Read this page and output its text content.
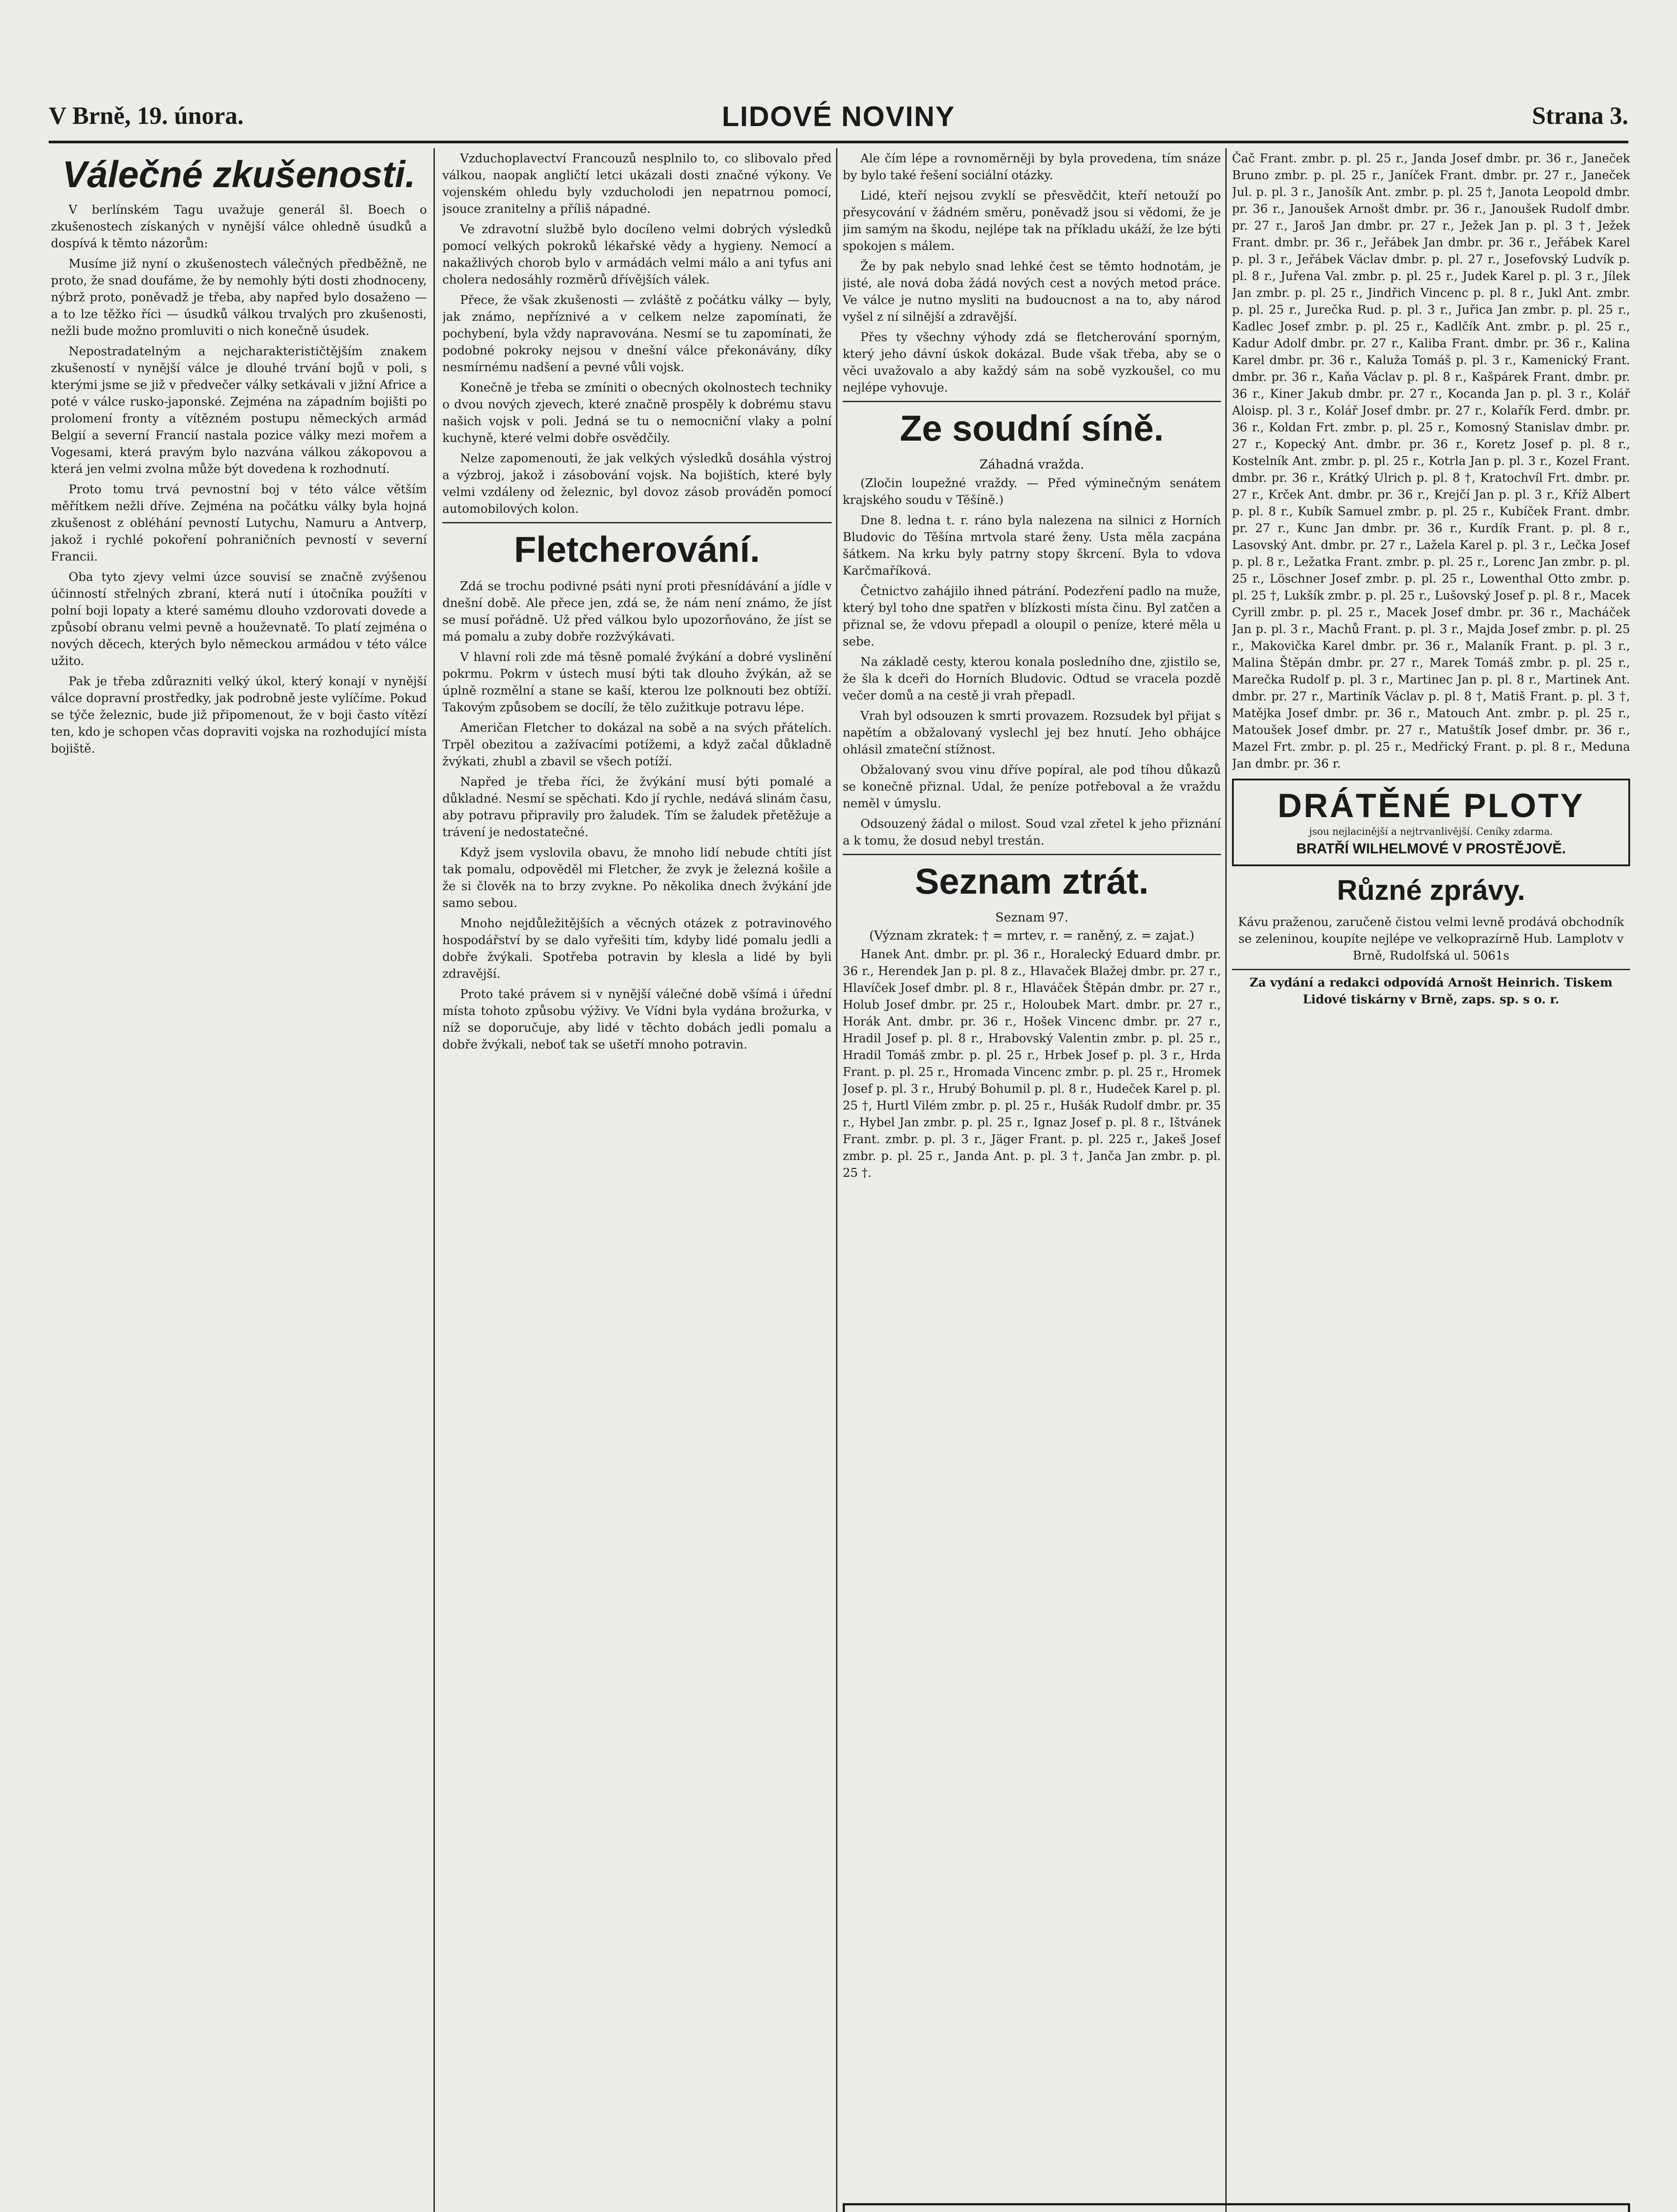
V Brně, 19. února.	LIDOVÉ NOVINY	Strana 3.
Válečné zkušenosti.

V berlínském Tagu uvažuje generál šl. Boech o zkušenostech získaných v nynější válce ohledně úsudků a dospívá k těmto názorům:

Musíme již nyní o zkušenostech válečných předběžně, ne proto, že snad doufáme, že by nemohly býti dosti zhodnoceny, nýbrž proto, poněvadž je třeba, aby napřed bylo dosaženo — a to lze těžko říci — úsudků válkou trvalých pro zkušenosti, nežli bude možno promluviti o nich konečně úsudek.

Nepostradatelným a nejcharakterističtějším znakem zkušeností v nynější válce je dlouhé trvání bojů v poli, s kterými jsme se již v předvečer války setkávali v jižní Africe a poté v válce rusko-japonské. Zejména na západním bojišti po prolomení fronty a vítězném postupu německých armád Belgií a severní Francií nastala pozice války mezi mořem a Vogesami, která pravým bylo nazvána válkou zákopovou a která jen velmi zvolna může být dovedena k rozhodnutí.

Proto tomu trvá pevnostní boj v této válce větším měřítkem nežli dříve. Zejména na počátku války byla hojná zkušenost z obléhání pevností Lutychu, Namuru a Antverp, jakož i rychlé pokoření pohraničních pevností v severní Francii.

Oba tyto zjevy velmi úzce souvisí se značně zvýšenou účinností střelných zbraní, která nutí i útočníka použíti v polní boji lopaty a které samému dlouho vzdorovati dovede a způsobí obranu velmi pevně a houževnatě. To platí zejména o nových děcech, kterých bylo německou armádou v této válce užito.

Pak je třeba zdůrazniti velký úkol, který konají v nynější válce dopravní prostředky, jak podrobně jeste vylíčíme. Pokud se týče železnic, bude již připomenout, že v boji často vítězí ten, kdo je schopen včas dopraviti vojska na rozhodující místa bojiště.

Vzduchoplavectví Francouzů nesplnilo to, co slibovalo před válkou, naopak angličtí letci ukázali dosti značné výkony. Ve vojenském ohledu byly vzducholodi jen nepatrnou pomocí, jsouce zranitelny a příliš nápadné.

Ve zdravotní službě bylo docíleno velmi dobrých výsledků pomocí velkých pokroků lékařské vědy a hygieny. Nemocí a nakažlivých chorob bylo v armádách velmi málo a ani tyfus ani cholera nedosáhly rozměrů dřívějších válek.

Přece, že však zkušenosti — zvláště z počátku války — byly, jak známo, nepříznivé a v celkem nelze zapomínati, že pochybení, byla vždy napravována. Nesmí se tu zapomínati, že podobné pokroky nejsou v dnešní válce překonávány, díky nesmírnému nadšení a pevné vůli vojsk.

Konečně je třeba se zmíniti o obecných okolnostech techniky o dvou nových zjevech, které značně prospěly k dobrému stavu našich vojsk v poli. Jedná se tu o nemocniční vlaky a polní kuchyně, které velmi dobře osvědčily.

Nelze zapomenouti, že jak velkých výsledků dosáhla výstroj a výzbroj, jakož i zásobování vojsk. Na bojištích, které byly velmi vzdáleny od železnic, byl dovoz zásob prováděn pomocí automobilových kolon.

Fletcherování.

Zdá se trochu podivné psáti nyní proti přesnídávání a jídle v dnešní době. Ale přece jen, zdá se, že nám není známo, že jíst se musí pořádně. Už před válkou bylo upozorňováno, že jíst se má pomalu a zuby dobře rozžvýkávati.

V hlavní roli zde má těsně pomalé žvýkání a dobré vyslinění pokrmu. Pokrm v ústech musí býti tak dlouho žvýkán, až se úplně rozmělní a stane se kaší, kterou lze polknouti bez obtíží. Takovým způsobem se docílí, že tělo zužitkuje potravu lépe.

Američan Fletcher to dokázal na sobě a na svých přátelích. Trpěl obezitou a zažívacími potížemi, a když začal důkladně žvýkati, zhubl a zbavil se všech potíží.

Napřed je třeba říci, že žvýkání musí býti pomalé a důkladné. Nesmí se spěchati. Kdo jí rychle, nedává slinám času, aby potravu připravily pro žaludek. Tím se žaludek přetěžuje a trávení je nedostatečné.

Když jsem vyslovila obavu, že mnoho lidí nebude chtíti jíst tak pomalu, odpověděl mi Fletcher, že zvyk je železná košile a že si člověk na to brzy zvykne. Po několika dnech žvýkání jde samo sebou.

Mnoho nejdůležitějších a věcných otázek z potravinového hospodářství by se dalo vyřešiti tím, kdyby lidé pomalu jedli a dobře žvýkali. Spotřeba potravin by klesla a lidé by byli zdravější.

Proto také právem si v nynější válečné době všímá i úřední místa tohoto způsobu výživy. Ve Vídni byla vydána brožurka, v níž se doporučuje, aby lidé v těchto dobách jedli pomalu a dobře žvýkali, neboť tak se ušetří mnoho potravin.

Ale čím lépe a rovnoměrněji by byla provedena, tím snáze by bylo také řešení sociální otázky.

Lidé, kteří nejsou zvyklí se přesvědčit, kteří netouží po přesycování v žádném směru, poněvadž jsou si vědomi, že je jim samým na škodu, nejlépe tak na příkladu ukáží, že lze býti spokojen s málem.

Že by pak nebylo snad lehké čest se těmto hodnotám, je jisté, ale nová doba žádá nových cest a nových metod práce. Ve válce je nutno mysliti na budoucnost a na to, aby národ vyšel z ní silnější a zdravější.

Přes ty všechny výhody zdá se fletcherování sporným, který jeho dávní úskok dokázal. Bude však třeba, aby se o věci uvažovalo a aby každý sám na sobě vyzkoušel, co mu nejlépe vyhovuje.

Ze soudní síně.
Záhadná vražda.

(Zločin loupežné vraždy. — Před výminečným senátem krajského soudu v Těšíně.)

Dne 8. ledna t. r. ráno byla nalezena na silnici z Horních Bludovic do Těšína mrtvola staré ženy. Usta měla zacpána šátkem. Na krku byly patrny stopy škrcení. Byla to vdova Karčmaříková.

Četnictvo zahájilo ihned pátrání. Podezření padlo na muže, který byl toho dne spatřen v blízkosti místa činu. Byl zatčen a přiznal se, že vdovu přepadl a oloupil o peníze, které měla u sebe.

Na základě cesty, kterou konala posledního dne, zjistilo se, že šla k dceři do Horních Bludovic. Odtud se vracela pozdě večer domů a na cestě ji vrah přepadl.

Vrah byl odsouzen k smrti provazem. Rozsudek byl přijat s napětím a obžalovaný vyslechl jej bez hnutí. Jeho obhájce ohlásil zmateční stížnost.

Obžalovaný svou vinu dříve popíral, ale pod tíhou důkazů se konečně přiznal. Udal, že peníze potřeboval a že vraždu neměl v úmyslu.

Odsouzený žádal o milost. Soud vzal zřetel k jeho přiznání a k tomu, že dosud nebyl trestán.

Seznam ztrát.
Seznam 97.
(Význam zkratek: † = mrtev, r. = raněný, z. = zajat.)

Hanek Ant. dmbr. pr. pl. 36 r., Horalecký Eduard dmbr. pr. 36 r., Herendek Jan p. pl. 8 z., Hlavaček Blažej dmbr. pr. 27 r., Hlavíček Josef dmbr. pl. 8 r., Hlaváček Štěpán dmbr. pr. 27 r., Holub Josef dmbr. pr. 25 r., Holoubek Mart. dmbr. pr. 27 r., Horák Ant. dmbr. pr. 36 r., Hošek Vincenc dmbr. pr. 27 r., Hradil Josef p. pl. 8 r., Hrabovský Valentin zmbr. p. pl. 25 r., Hradil Tomáš zmbr. p. pl. 25 r., Hrbek Josef p. pl. 3 r., Hrda Frant. p. pl. 25 r., Hromada Vincenc zmbr. p. pl. 25 r., Hromek Josef p. pl. 3 r., Hrubý Bohumil p. pl. 8 r., Hudeček Karel p. pl. 25 †, Hurtl Vilém zmbr. p. pl. 25 r., Hušák Rudolf dmbr. pr. 35 r., Hybel Jan zmbr. p. pl. 25 r., Ignaz Josef p. pl. 8 r., Ištvánek Frant. zmbr. p. pl. 3 r., Jäger Frant. p. pl. 225 r., Jakeš Josef zmbr. p. pl. 25 r., Janda Ant. p. pl. 3 †, Janča Jan zmbr. p. pl. 25 †.

Čač Frant. zmbr. p. pl. 25 r., Janda Josef dmbr. pr. 36 r., Janeček Bruno zmbr. p. pl. 25 r., Janíček Frant. dmbr. pr. 27 r., Janeček Jul. p. pl. 3 r., Janošík Ant. zmbr. p. pl. 25 †, Janota Leopold dmbr. pr. 36 r., Janoušek Arnošt dmbr. pr. 36 r., Janoušek Rudolf dmbr. pr. 27 r., Jaroš Jan dmbr. pr. 27 r., Ježek Jan p. pl. 3 †, Ježek Frant. dmbr. pr. 36 r., Jeřábek Jan dmbr. pr. 36 r., Jeřábek Karel p. pl. 3 r., Jeřábek Václav dmbr. p. pl. 27 r., Josefovský Ludvík p. pl. 8 r., Juřena Val. zmbr. p. pl. 25 r., Judek Karel p. pl. 3 r., Jílek Jan zmbr. p. pl. 25 r., Jindřich Vincenc p. pl. 8 r., Jukl Ant. zmbr. p. pl. 25 r., Jurečka Rud. p. pl. 3 r., Juřica Jan zmbr. p. pl. 25 r., Kadlec Josef zmbr. p. pl. 25 r., Kadlčík Ant. zmbr. p. pl. 25 r., Kadur Adolf dmbr. pr. 27 r., Kaliba Frant. dmbr. pr. 36 r., Kalina Karel dmbr. pr. 36 r., Kaluža Tomáš p. pl. 3 r., Kamenický Frant. dmbr. pr. 36 r., Kaňa Václav p. pl. 8 r., Kašpárek Frant. dmbr. pr. 36 r., Kiner Jakub dmbr. pr. 27 r., Kocanda Jan p. pl. 3 r., Kolář Aloisp. pl. 3 r., Kolář Josef dmbr. pr. 27 r., Kolařík Ferd. dmbr. pr. 36 r., Koldan Frt. zmbr. p. pl. 25 r., Komosný Stanislav dmbr. pr. 27 r., Kopecký Ant. dmbr. pr. 36 r., Koretz Josef p. pl. 8 r., Kostelník Ant. zmbr. p. pl. 25 r., Kotrla Jan p. pl. 3 r., Kozel Frant. dmbr. pr. 36 r., Krátký Ulrich p. pl. 8 †, Kratochvíl Frt. dmbr. pr. 27 r., Krček Ant. dmbr. pr. 36 r., Krejčí Jan p. pl. 3 r., Kříž Albert p. pl. 8 r., Kubík Samuel zmbr. p. pl. 25 r., Kubíček Frant. dmbr. pr. 27 r., Kunc Jan dmbr. pr. 36 r., Kurdík Frant. p. pl. 8 r., Lasovský Ant. dmbr. pr. 27 r., Lažela Karel p. pl. 3 r., Lečka Josef p. pl. 8 r., Ležatka Frant. zmbr. p. pl. 25 r., Lorenc Jan zmbr. p. pl. 25 r., Löschner Josef zmbr. p. pl. 25 r., Lowenthal Otto zmbr. p. pl. 25 †, Lukšík zmbr. p. pl. 25 r., Lušovský Josef p. pl. 8 r., Macek Cyrill zmbr. p. pl. 25 r., Macek Josef dmbr. pr. 36 r., Macháček Jan p. pl. 3 r., Machů Frant. p. pl. 3 r., Majda Josef zmbr. p. pl. 25 r., Makovička Karel dmbr. pr. 36 r., Malaník Frant. p. pl. 3 r., Malina Štěpán dmbr. pr. 27 r., Marek Tomáš zmbr. p. pl. 25 r., Marečka Rudolf p. pl. 3 r., Martinec Jan p. pl. 8 r., Martinek Ant. dmbr. pr. 27 r., Martiník Václav p. pl. 8 †, Matiš Frant. p. pl. 3 †, Matějka Josef dmbr. pr. 36 r., Matouch Ant. zmbr. p. pl. 25 r., Matoušek Josef dmbr. pr. 27 r., Matuštík Josef dmbr. pr. 36 r., Mazel Frt. zmbr. p. pl. 25 r., Medřický Frant. p. pl. 8 r., Meduna Jan dmbr. pr. 36 r.

DRÁTĚNÉ PLOTY
jsou nejlacinější a nejtrvanlivější. Ceníky zdarma.
BRATŘÍ WILHELMOVÉ V PROSTĚJOVĚ.
Různé zprávy.

Kávu praženou, zaručeně čistou velmi levně prodává obchodník se zeleninou, koupíte nejlépe ve velkoprazírně Hub. Lamplotv v Brně, Rudolfská ul. 5061s

Za vydání a redakci odpovídá Arnošt Heinrich. Tiskem Lidové tiskárny v Brně, zaps. sp. s o. r.
